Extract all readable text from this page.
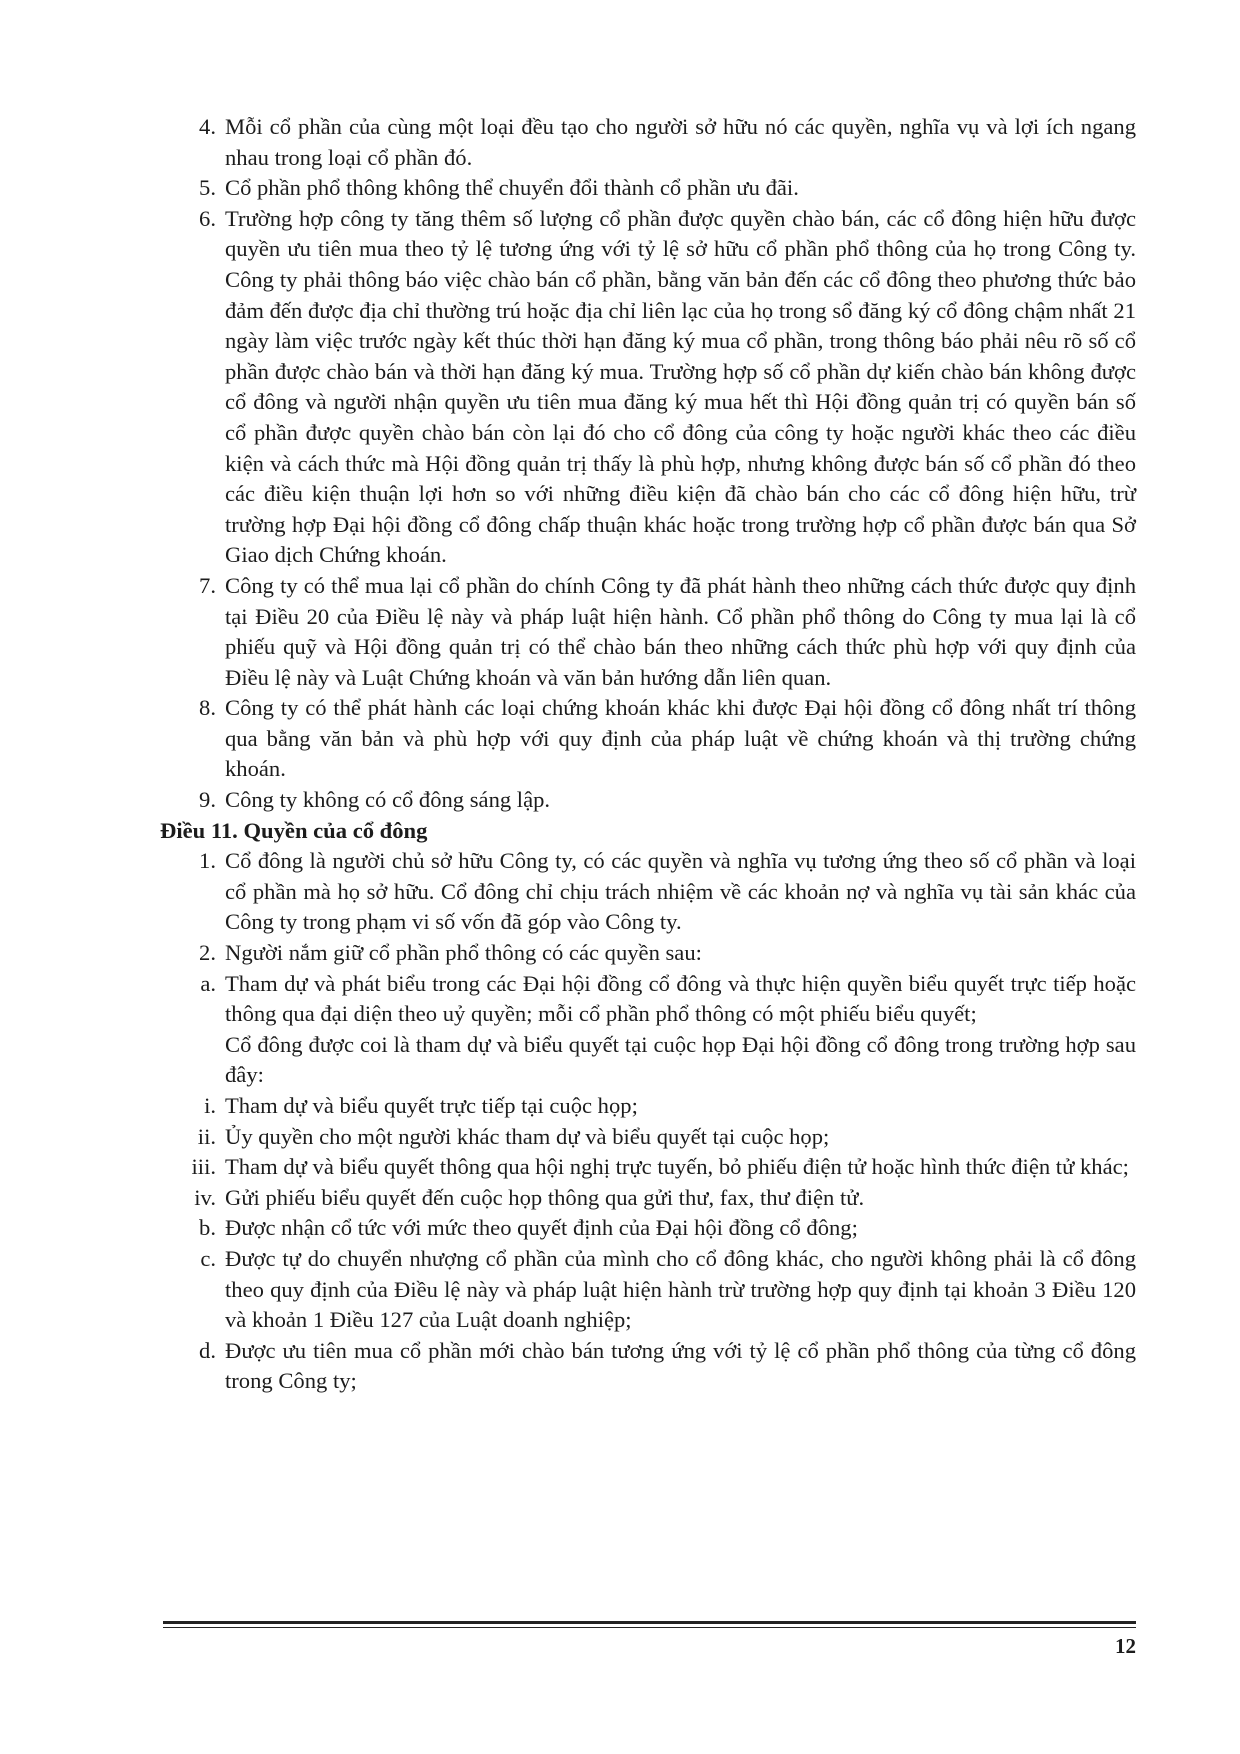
4. Mỗi cổ phần của cùng một loại đều tạo cho người sở hữu nó các quyền, nghĩa vụ và lợi ích ngang nhau trong loại cổ phần đó.
5. Cổ phần phổ thông không thể chuyển đổi thành cổ phần ưu đãi.
6. Trường hợp công ty tăng thêm số lượng cổ phần được quyền chào bán, các cổ đông hiện hữu được quyền ưu tiên mua theo tỷ lệ tương ứng với tỷ lệ sở hữu cổ phần phổ thông của họ trong Công ty. Công ty phải thông báo việc chào bán cổ phần, bằng văn bản đến các cổ đông theo phương thức bảo đảm đến được địa chỉ thường trú hoặc địa chỉ liên lạc của họ trong sổ đăng ký cổ đông chậm nhất 21 ngày làm việc trước ngày kết thúc thời hạn đăng ký mua cổ phần, trong thông báo phải nêu rõ số cổ phần được chào bán và thời hạn đăng ký mua. Trường hợp số cổ phần dự kiến chào bán không được cổ đông và người nhận quyền ưu tiên mua đăng ký mua hết thì Hội đồng quản trị có quyền bán số cổ phần được quyền chào bán còn lại đó cho cổ đông của công ty hoặc người khác theo các điều kiện và cách thức mà Hội đồng quản trị thấy là phù hợp, nhưng không được bán số cổ phần đó theo các điều kiện thuận lợi hơn so với những điều kiện đã chào bán cho các cổ đông hiện hữu, trừ trường hợp Đại hội đồng cổ đông chấp thuận khác hoặc trong trường hợp cổ phần được bán qua Sở Giao dịch Chứng khoán.
7. Công ty có thể mua lại cổ phần do chính Công ty đã phát hành theo những cách thức được quy định tại Điều 20 của Điều lệ này và pháp luật hiện hành. Cổ phần phổ thông do Công ty mua lại là cổ phiếu quỹ và Hội đồng quản trị có thể chào bán theo những cách thức phù hợp với quy định của Điều lệ này và Luật Chứng khoán và văn bản hướng dẫn liên quan.
8. Công ty có thể phát hành các loại chứng khoán khác khi được Đại hội đồng cổ đông nhất trí thông qua bằng văn bản và phù hợp với quy định của pháp luật về chứng khoán và thị trường chứng khoán.
9. Công ty không có cổ đông sáng lập.
Điều 11. Quyền của cổ đông
1. Cổ đông là người chủ sở hữu Công ty, có các quyền và nghĩa vụ tương ứng theo số cổ phần và loại cổ phần mà họ sở hữu. Cổ đông chỉ chịu trách nhiệm về các khoản nợ và nghĩa vụ tài sản khác của Công ty trong phạm vi số vốn đã góp vào Công ty.
2. Người nắm giữ cổ phần phổ thông có các quyền sau:
a. Tham dự và phát biểu trong các Đại hội đồng cổ đông và thực hiện quyền biểu quyết trực tiếp hoặc thông qua đại diện theo uỷ quyền; mỗi cổ phần phổ thông có một phiếu biểu quyết;
Cổ đông được coi là tham dự và biểu quyết tại cuộc họp Đại hội đồng cổ đông trong trường hợp sau đây:
i. Tham dự và biểu quyết trực tiếp tại cuộc họp;
ii. Ủy quyền cho một người khác tham dự và biểu quyết tại cuộc họp;
iii. Tham dự và biểu quyết thông qua hội nghị trực tuyến, bỏ phiếu điện tử hoặc hình thức điện tử khác;
iv. Gửi phiếu biểu quyết đến cuộc họp thông qua gửi thư, fax, thư điện tử.
b. Được nhận cổ tức với mức theo quyết định của Đại hội đồng cổ đông;
c. Được tự do chuyển nhượng cổ phần của mình cho cổ đông khác, cho người không phải là cổ đông theo quy định của Điều lệ này và pháp luật hiện hành trừ trường hợp quy định tại khoản 3 Điều 120 và khoản 1 Điều 127 của Luật doanh nghiệp;
d. Được ưu tiên mua cổ phần mới chào bán tương ứng với tỷ lệ cổ phần phổ thông của từng cổ đông trong Công ty;
12
